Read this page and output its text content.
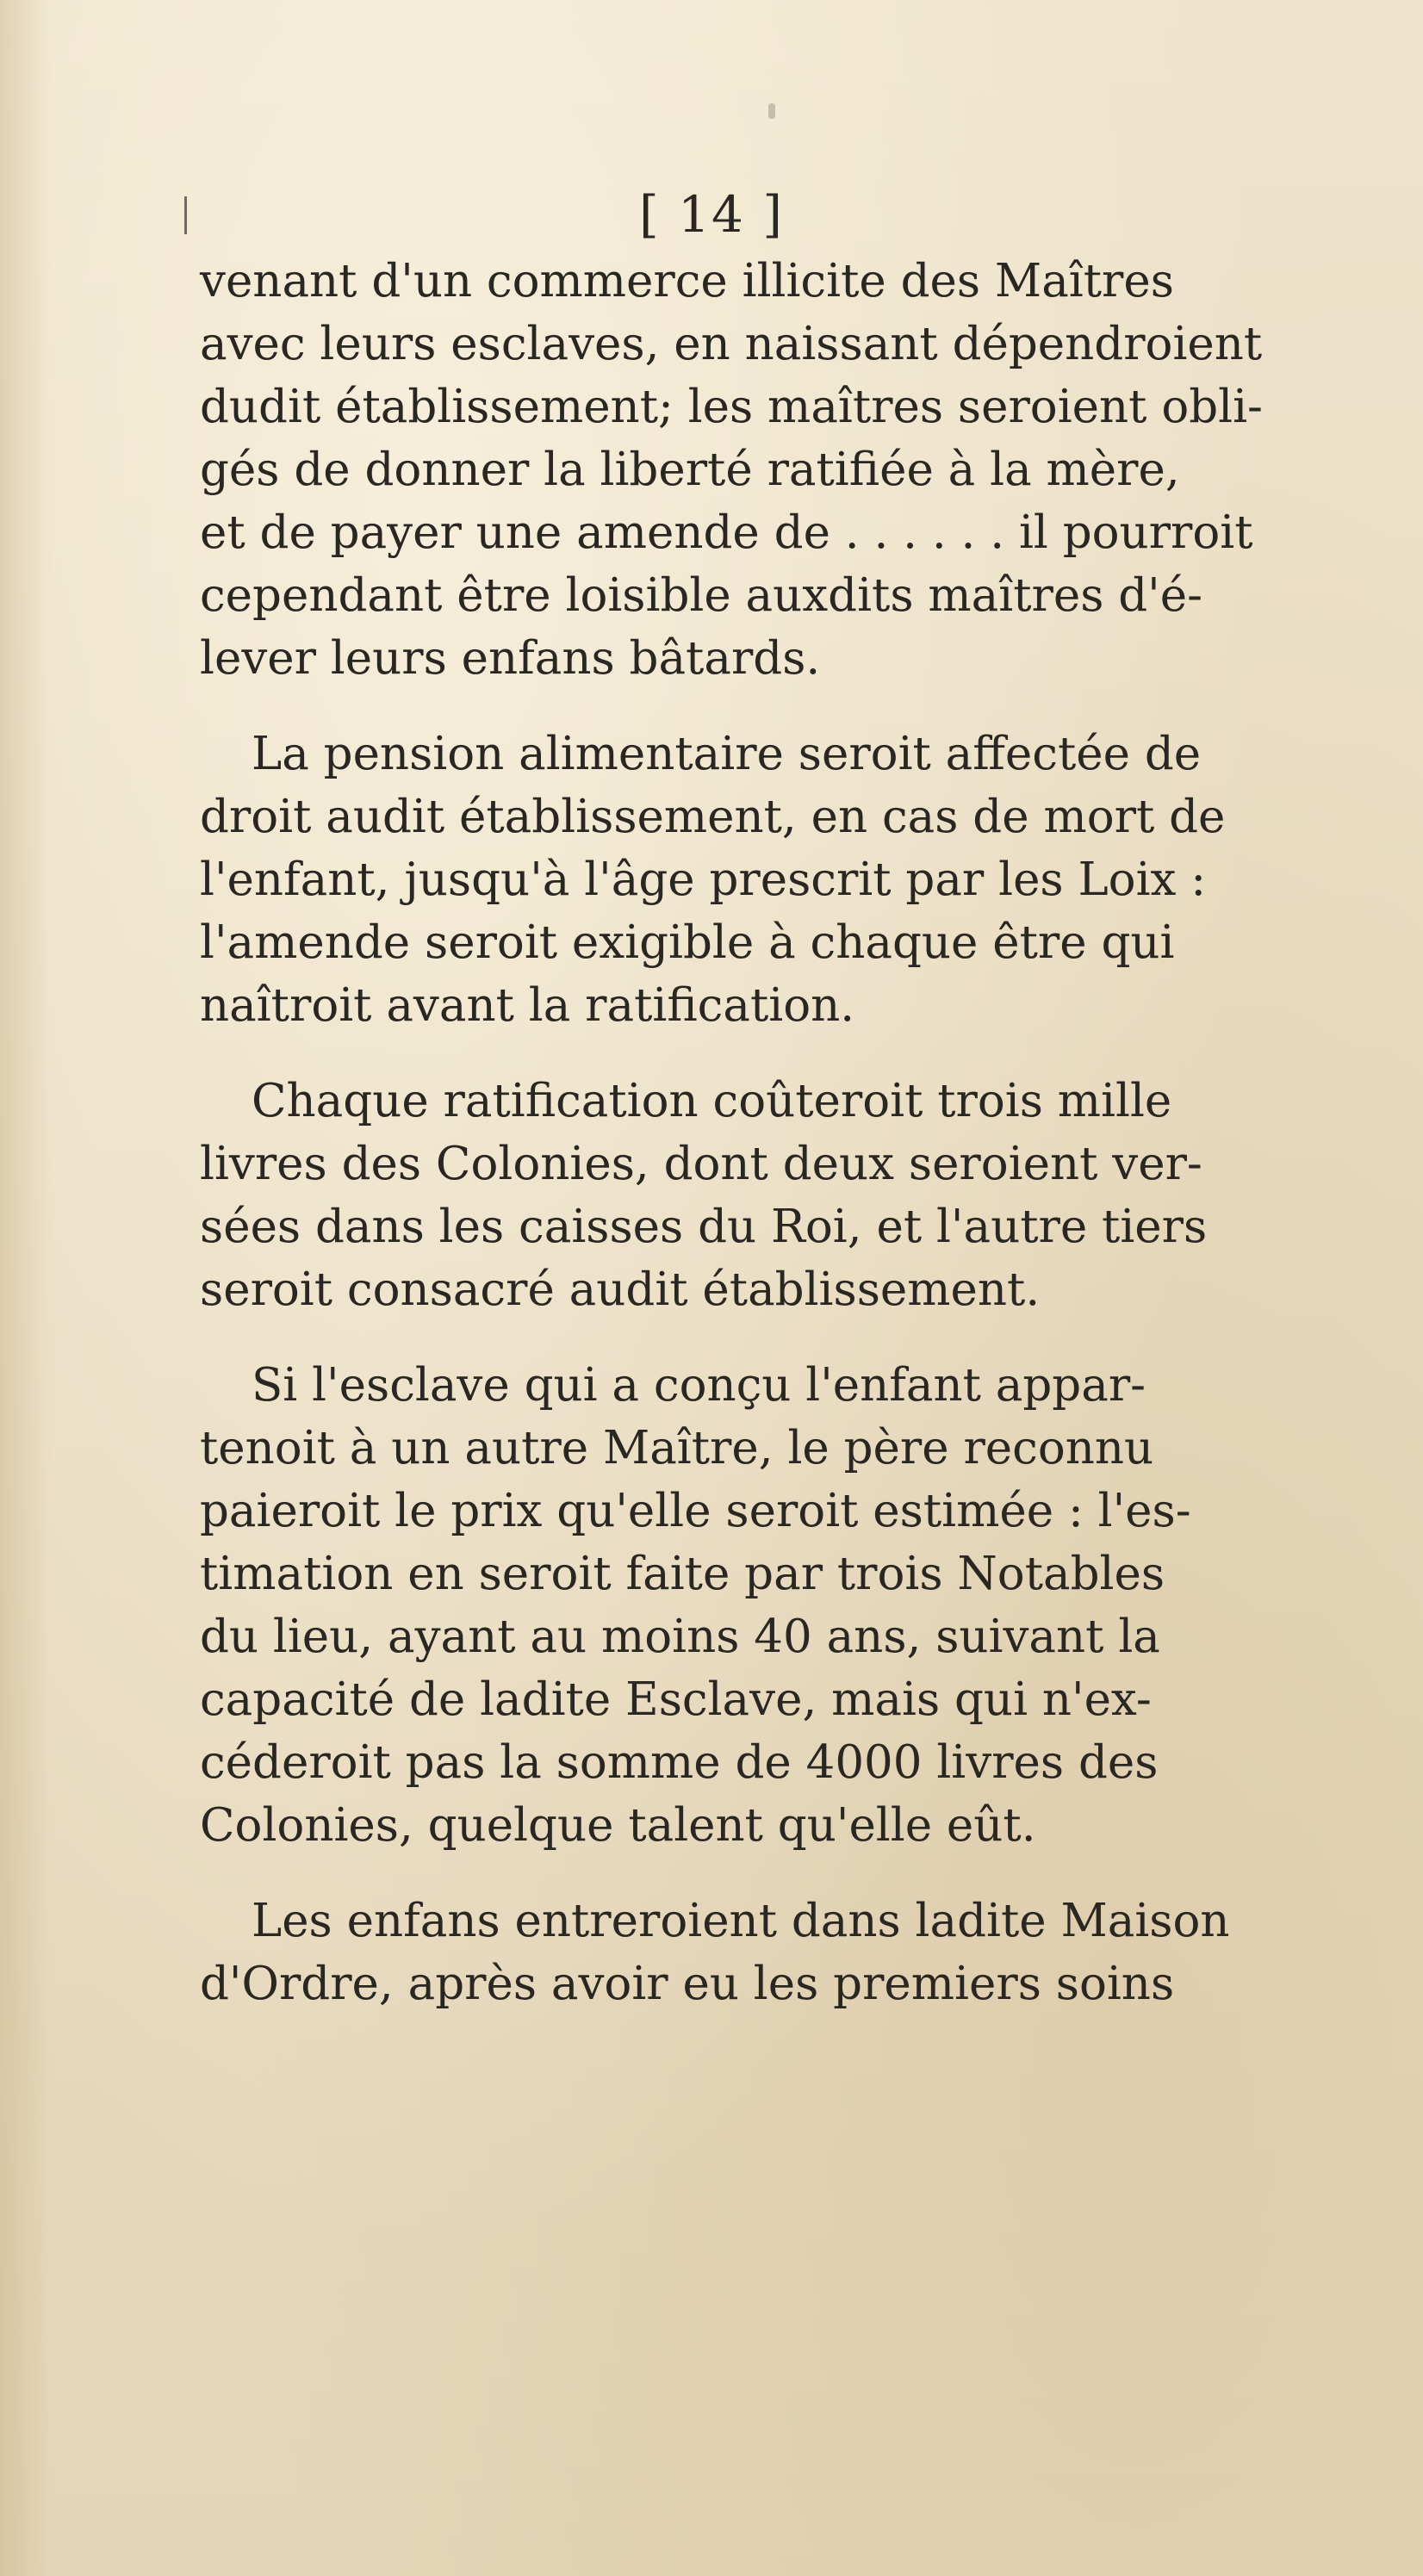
[ 14 ]
venant d'un commerce illicite des Maîtres
avec leurs esclaves, en naissant dépendroient
dudit établissement; les maîtres seroient obli-
gés de donner la liberté ratifiée à la mère,
et de payer une amende de . . . . . . il pourroit
cependant être loisible auxdits maîtres d'é-
lever leurs enfans bâtards.
La pension alimentaire seroit affectée de
droit audit établissement, en cas de mort de
l'enfant, jusqu'à l'âge prescrit par les Loix :
l'amende seroit exigible à chaque être qui
naîtroit avant la ratification.
Chaque ratification coûteroit trois mille
livres des Colonies, dont deux seroient ver-
sées dans les caisses du Roi, et l'autre tiers
seroit consacré audit établissement.
Si l'esclave qui a conçu l'enfant appar-
tenoit à un autre Maître, le père reconnu
paieroit le prix qu'elle seroit estimée : l'es-
timation en seroit faite par trois Notables
du lieu, ayant au moins 40 ans, suivant la
capacité de ladite Esclave, mais qui n'ex-
céderoit pas la somme de 4000 livres des
Colonies, quelque talent qu'elle eût.
Les enfans entreroient dans ladite Maison
d'Ordre, après avoir eu les premiers soins
